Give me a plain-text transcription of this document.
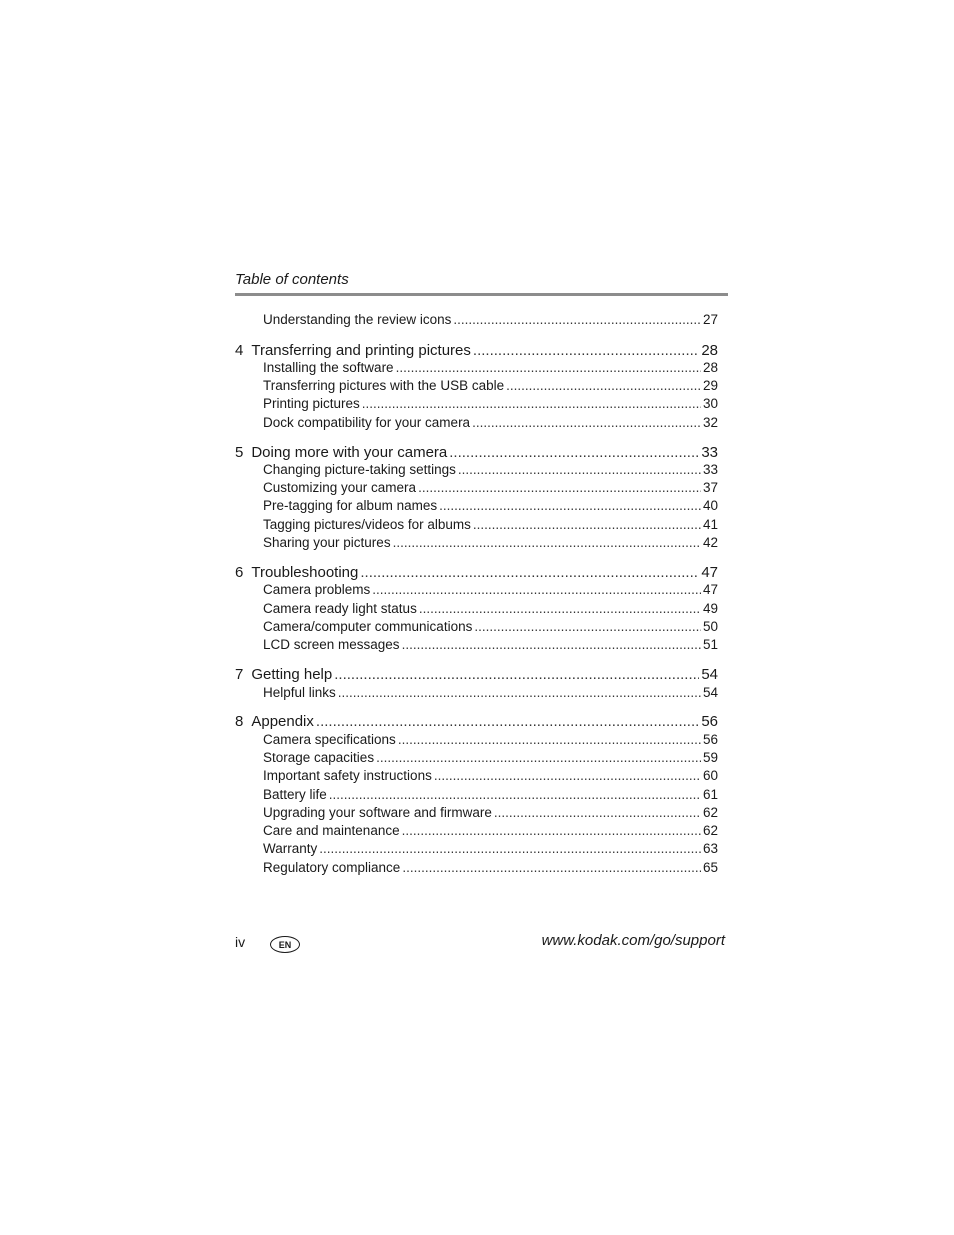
Table of contents
Understanding the review icons .....	27
4 Transferring and printing pictures .....	28
Installing the software .....	28
Transferring pictures with the USB cable .....	29
Printing pictures .....	30
Dock compatibility for your camera .....	32
5 Doing more with your camera .....	33
Changing picture-taking settings .....	33
Customizing your camera .....	37
Pre-tagging for album names .....	40
Tagging pictures/videos for albums .....	41
Sharing your pictures .....	42
6 Troubleshooting .....	47
Camera problems .....	47
Camera ready light status .....	49
Camera/computer communications .....	50
LCD screen messages .....	51
7 Getting help .....	54
Helpful links .....	54
8 Appendix .....	56
Camera specifications .....	56
Storage capacities .....	59
Important safety instructions .....	60
Battery life .....	61
Upgrading your software and firmware .....	62
Care and maintenance .....	62
Warranty .....	63
Regulatory compliance .....	65
iv	EN	www.kodak.com/go/support
